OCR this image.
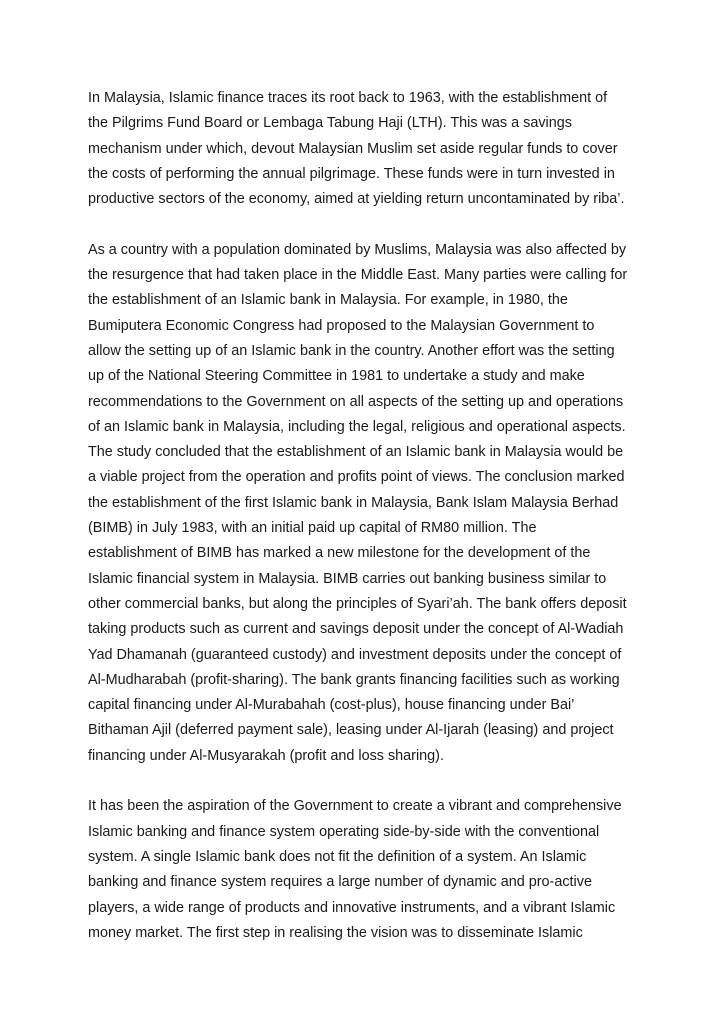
In Malaysia, Islamic finance traces its root back to 1963, with the establishment of
the Pilgrims Fund Board or Lembaga Tabung Haji (LTH). This was a savings
mechanism under which, devout Malaysian Muslim set aside regular funds to cover
the costs of performing the annual pilgrimage. These funds were in turn invested in
productive sectors of the economy, aimed at yielding return uncontaminated by riba’.
As a country with a population dominated by Muslims, Malaysia was also affected by
the resurgence that had taken place in the Middle East. Many parties were calling for
the establishment of an Islamic bank in Malaysia. For example, in 1980, the
Bumiputera Economic Congress had proposed to the Malaysian Government to
allow the setting up of an Islamic bank in the country. Another effort was the setting
up of the National Steering Committee in 1981 to undertake a study and make
recommendations to the Government on all aspects of the setting up and operations
of an Islamic bank in Malaysia, including the legal, religious and operational aspects.
The study concluded that the establishment of an Islamic bank in Malaysia would be
a viable project from the operation and profits point of views. The conclusion marked
the establishment of the first Islamic bank in Malaysia, Bank Islam Malaysia Berhad
(BIMB) in July 1983, with an initial paid up capital of RM80 million. The
establishment of BIMB has marked a new milestone for the development of the
Islamic financial system in Malaysia. BIMB carries out banking business similar to
other commercial banks, but along the principles of Syari’ah. The bank offers deposit
taking products such as current and savings deposit under the concept of Al-Wadiah
Yad Dhamanah (guaranteed custody) and investment deposits under the concept of
Al-Mudharabah (profit-sharing). The bank grants financing facilities such as working
capital financing under Al-Murabahah (cost-plus), house financing under Bai’
Bithaman Ajil (deferred payment sale), leasing under Al-Ijarah (leasing) and project
financing under Al-Musyarakah (profit and loss sharing).
It has been the aspiration of the Government to create a vibrant and comprehensive
Islamic banking and finance system operating side-by-side with the conventional
system. A single Islamic bank does not fit the definition of a system. An Islamic
banking and finance system requires a large number of dynamic and pro-active
players, a wide range of products and innovative instruments, and a vibrant Islamic
money market. The first step in realising the vision was to disseminate Islamic
